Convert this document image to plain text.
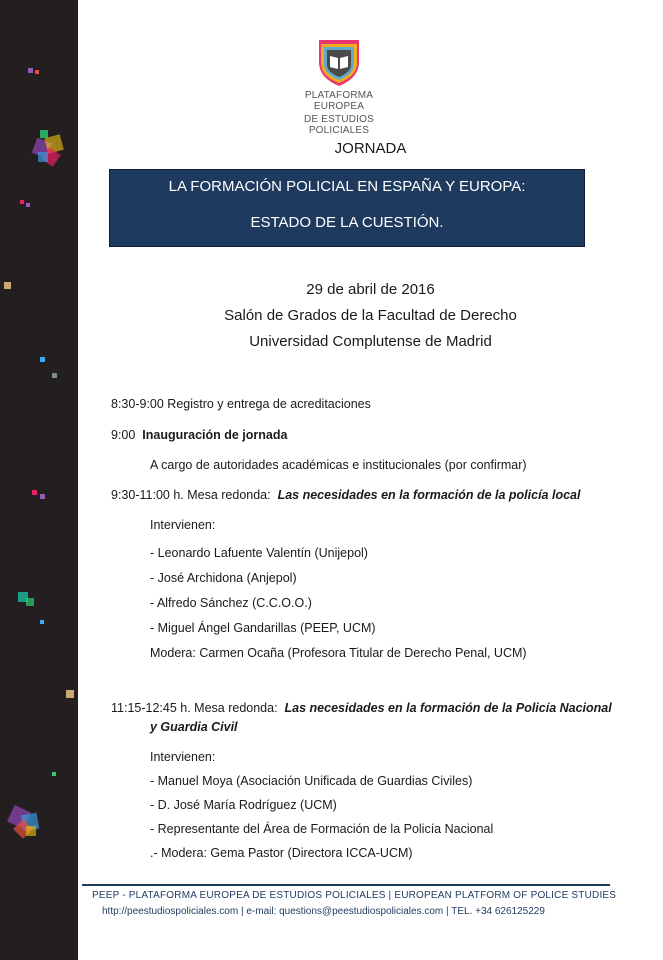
PLATAFORMA EUROPEA
DE ESTUDIOS POLICIALES
JORNADA
LA FORMACIÓN POLICIAL EN ESPAÑA Y EUROPA:
ESTADO DE LA CUESTIÓN.
29 de abril de 2016
Salón de Grados de la Facultad de Derecho
Universidad Complutense de Madrid
8:30-9:00 Registro y entrega de acreditaciones
9:00 Inauguración de jornada
A cargo de autoridades académicas e institucionales (por confirmar)
9:30-11:00 h. Mesa redonda: Las necesidades en la formación de la policía local
Intervienen:
- Leonardo Lafuente Valentín (Unijepol)
- José Archidona (Anjepol)
- Alfredo Sánchez (C.C.O.O.)
- Miguel Ángel Gandarillas (PEEP, UCM)
Modera: Carmen Ocaña (Profesora Titular de Derecho Penal, UCM)
11:15-12:45 h. Mesa redonda: Las necesidades en la formación de la Policía Nacional
y Guardia Civil
Intervienen:
- Manuel Moya (Asociación Unificada de Guardias Civiles)
- D. José María Rodríguez (UCM)
- Representante del Área de Formación de la Policía Nacional
.- Modera: Gema Pastor (Directora ICCA-UCM)
PEEP - PLATAFORMA EUROPEA DE ESTUDIOS POLICIALES | EUROPEAN PLATFORM OF POLICE STUDIES
http://peestudiospoliciales.com | e-mail: questions@peestudiospoliciales.com | TEL. +34 626125229
